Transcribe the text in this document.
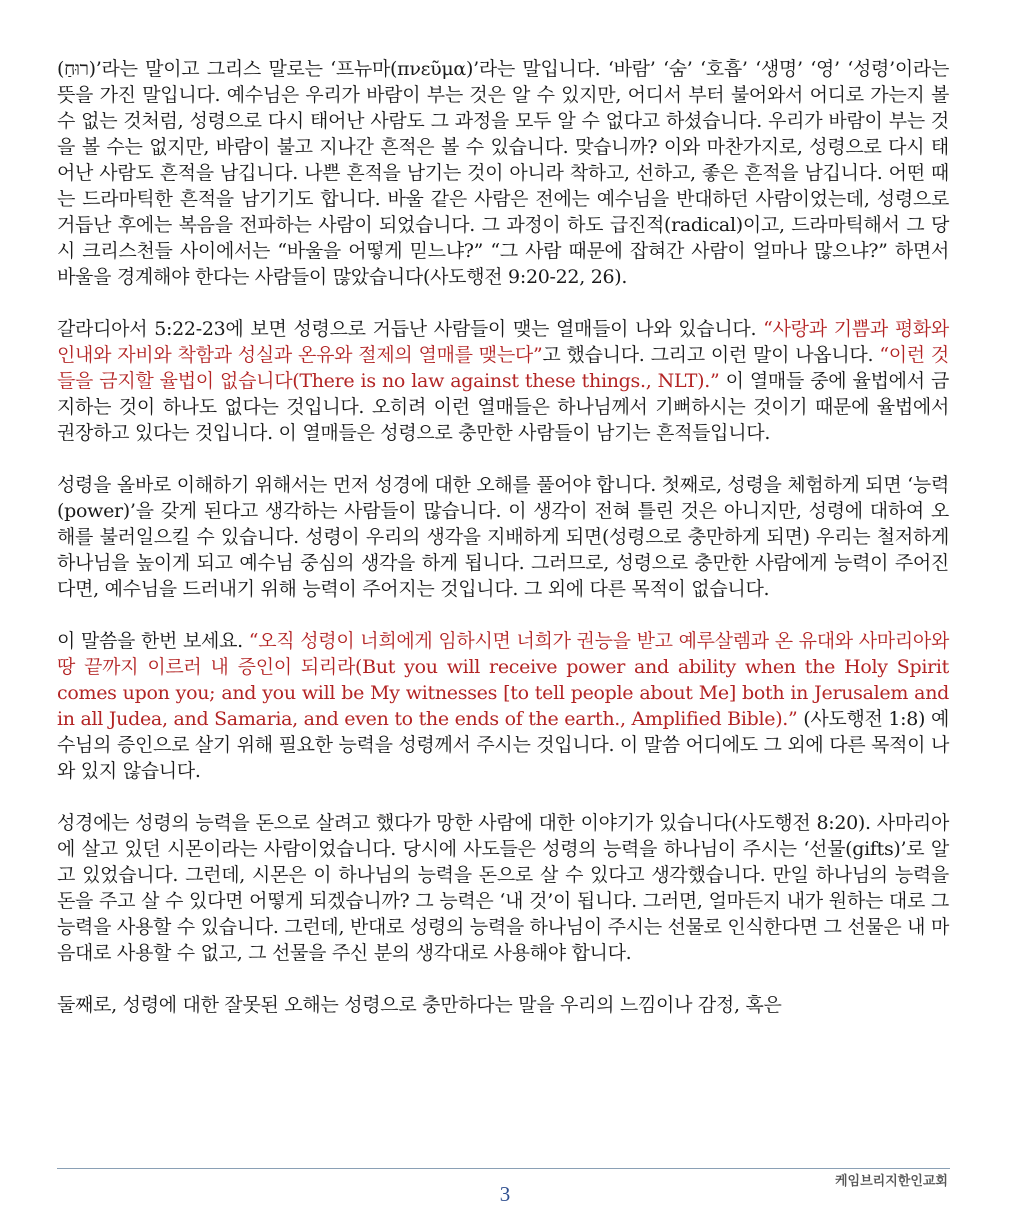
(רוּחַ)’라는 말이고 그리스 말로는 ‘프뉴마(πνεῦμα)’라는 말입니다. ‘바람’ ‘숨’ ‘호흡’ ‘생명’ ‘영’ ‘성령’이라는 뜻을 가진 말입니다. 예수님은 우리가 바람이 부는 것은 알 수 있지만, 어디서 부터 불어와서 어디로 가는지 볼 수 없는 것처럼, 성령으로 다시 태어난 사람도 그 과정을 모두 알 수 없다고 하셨습니다. 우리가 바람이 부는 것을 볼 수는 없지만, 바람이 불고 지나간 흔적은 볼 수 있습니다. 맞습니까? 이와 마찬가지로, 성령으로 다시 태어난 사람도 흔적을 남깁니다. 나쁜 흔적을 남기는 것이 아니라 착하고, 선하고, 좋은 흔적을 남깁니다. 어떤 때는 드라마틱한 흔적을 남기기도 합니다. 바울 같은 사람은 전에는 예수님을 반대하던 사람이었는데, 성령으로 거듭난 후에는 복음을 전파하는 사람이 되었습니다. 그 과정이 하도 급진적(radical)이고, 드라마틱해서 그 당시 크리스천들 사이에서는 “바울을 어떻게 믿느냐?” “그 사람 때문에 잡혀간 사람이 얼마나 많으냐?” 하면서 바울을 경계해야 한다는 사람들이 많았습니다(사도행전 9:20-22, 26).

갈라디아서 5:22-23에 보면 성령으로 거듭난 사람들이 맺는 열매들이 나와 있습니다. “사랑과 기쁨과 평화와 인내와 자비와 착함과 성실과 온유와 절제의 열매를 맺는다”고 했습니다. 그리고 이런 말이 나옵니다. “이런 것들을 금지할 율법이 없습니다(There is no law against these things., NLT).” 이 열매들 중에 율법에서 금지하는 것이 하나도 없다는 것입니다. 오히려 이런 열매들은 하나님께서 기뻐하시는 것이기 때문에 율법에서 권장하고 있다는 것입니다. 이 열매들은 성령으로 충만한 사람들이 남기는 흔적들입니다.

성령을 올바로 이해하기 위해서는 먼저 성경에 대한 오해를 풀어야 합니다. 첫째로, 성령을 체험하게 되면 ‘능력(power)’을 갖게 된다고 생각하는 사람들이 많습니다. 이 생각이 전혀 틀린 것은 아니지만, 성령에 대하여 오해를 불러일으킬 수 있습니다. 성령이 우리의 생각을 지배하게 되면(성령으로 충만하게 되면) 우리는 철저하게 하나님을 높이게 되고 예수님 중심의 생각을 하게 됩니다. 그러므로, 성령으로 충만한 사람에게 능력이 주어진다면, 예수님을 드러내기 위해 능력이 주어지는 것입니다. 그 외에 다른 목적이 없습니다.

이 말씀을 한번 보세요. “오직 성령이 너희에게 임하시면 너희가 권능을 받고 예루살렘과 온 유대와 사마리아와 땅 끝까지 이르러 내 증인이 되리라(But you will receive power and ability when the Holy Spirit comes upon you; and you will be My witnesses [to tell people about Me] both in Jerusalem and in all Judea, and Samaria, and even to the ends of the earth., Amplified Bible).” (사도행전 1:8) 예수님의 증인으로 살기 위해 필요한 능력을 성령께서 주시는 것입니다. 이 말씀 어디에도 그 외에 다른 목적이 나와 있지 않습니다.

성경에는 성령의 능력을 돈으로 살려고 했다가 망한 사람에 대한 이야기가 있습니다(사도행전 8:20). 사마리아에 살고 있던 시몬이라는 사람이었습니다. 당시에 사도들은 성령의 능력을 하나님이 주시는 ‘선물(gifts)’로 알고 있었습니다. 그런데, 시몬은 이 하나님의 능력을 돈으로 살 수 있다고 생각했습니다. 만일 하나님의 능력을 돈을 주고 살 수 있다면 어떻게 되겠습니까? 그 능력은 ‘내 것’이 됩니다. 그러면, 얼마든지 내가 원하는 대로 그 능력을 사용할 수 있습니다. 그런데, 반대로 성령의 능력을 하나님이 주시는 선물로 인식한다면 그 선물은 내 마음대로 사용할 수 없고, 그 선물을 주신 분의 생각대로 사용해야 합니다.

둘째로, 성령에 대한 잘못된 오해는 성령으로 충만하다는 말을 우리의 느낌이나 감정, 혹은

케임브리지한인교회
3
